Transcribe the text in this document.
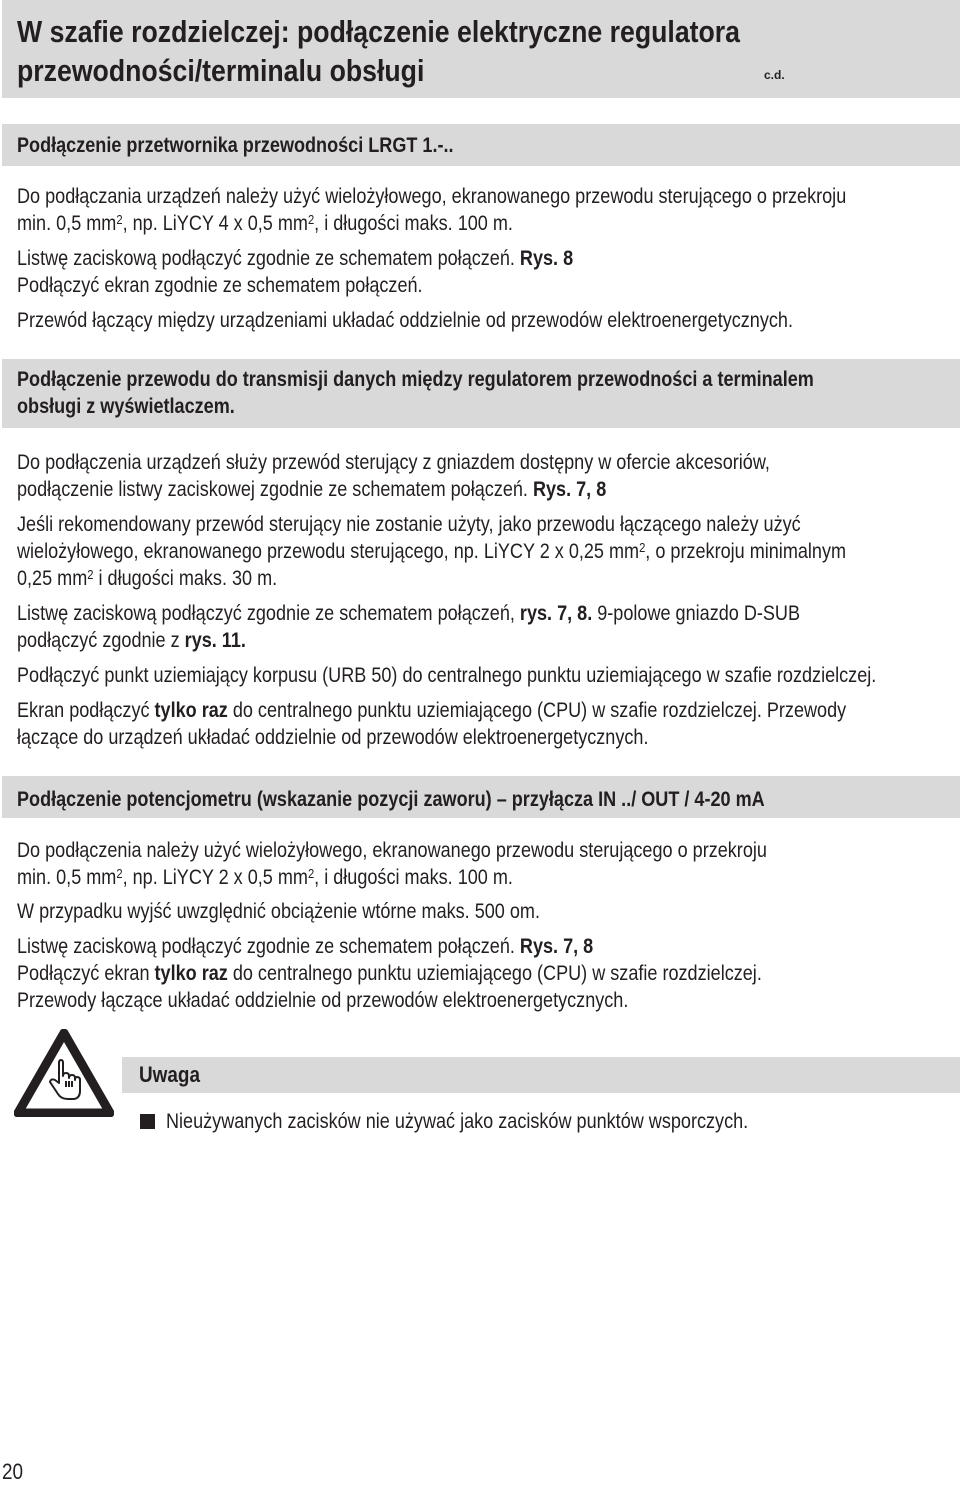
W szafie rozdzielczej: podłączenie elektryczne regulatora
przewodności/terminalu obsługi	c.d.
Podłączenie przetwornika przewodności LRGT 1.-..
Do podłączania urządzeń należy użyć wielożyłowego, ekranowanego przewodu sterującego o przekroju
min. 0,5 $mm^2$, np. LiYCY 4 x 0,5 $mm^2$, i długości maks. 100 m.
Listwę zaciskową podłączyć zgodnie ze schematem połączeń. Rys. 8
Podłączyć ekran zgodnie ze schematem połączeń.
Przewód łączący między urządzeniami układać oddzielnie od przewodów elektroenergetycznych.
Podłączenie przewodu do transmisji danych między regulatorem przewodności a terminalem
obsługi z wyświetlaczem.
Do podłączenia urządzeń służy przewód sterujący z gniazdem dostępny w ofercie akcesoriów,
podłączenie listwy zaciskowej zgodnie ze schematem połączeń. Rys. 7, 8
Jeśli rekomendowany przewód sterujący nie zostanie użyty, jako przewodu łączącego należy użyć
wielożyłowego, ekranowanego przewodu sterującego, np. LiYCY 2 x 0,25 $mm^2$, o przekroju minimalnym
0,25 $mm^2$ i długości maks. 30 m.
Listwę zaciskową podłączyć zgodnie ze schematem połączeń, rys. 7, 8. 9-polowe gniazdo D-SUB
podłączyć zgodnie z rys. 11.
Podłączyć punkt uziemiający korpusu (URB 50) do centralnego punktu uziemiającego w szafie rozdzielczej.
Ekran podłączyć tylko raz do centralnego punktu uziemiającego (CPU) w szafie rozdzielczej. Przewody
łączące do urządzeń układać oddzielnie od przewodów elektroenergetycznych.
Podłączenie potencjometru (wskazanie pozycji zaworu) – przyłącza IN ../ OUT / 4-20 mA
Do podłączenia należy użyć wielożyłowego, ekranowanego przewodu sterującego o przekroju
min. 0,5 $mm^2$, np. LiYCY 2 x 0,5 $mm^2$, i długości maks. 100 m.
W przypadku wyjść uwzględnić obciążenie wtórne maks. 500 om.
Listwę zaciskową podłączyć zgodnie ze schematem połączeń. Rys. 7, 8
Podłączyć ekran tylko raz do centralnego punktu uziemiającego (CPU) w szafie rozdzielczej.
Przewody łączące układać oddzielnie od przewodów elektroenergetycznych.
Uwaga
Nieużywanych zacisków nie używać jako zacisków punktów wsporczych.
20
